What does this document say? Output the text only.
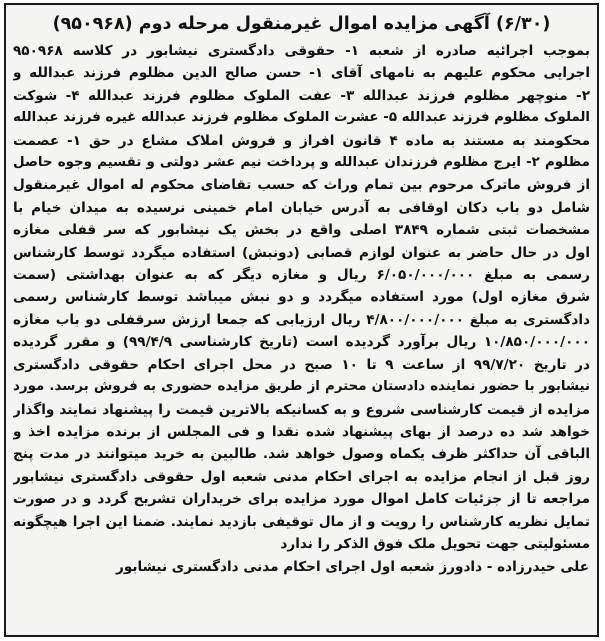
(۶/۳۰) آگهی مزایده اموال غیرمنقول مرحله دوم (۹۵۰۹۶۸)
بموجب اجرائیه صادره از شعبه ۱- حقوقی دادگستری نیشابور در کلاسه ۹۵۰۹۶۸
اجرایی محکوم علیهم به نامهای آقای ۱- حسن صالح الدین مظلوم فرزند عبدالله و
۲- منوچهر مظلوم فرزند عبدالله ۳- عفت الملوک مظلوم فرزند عبدالله ۴- شوکت
الملوک مظلوم فرزند عبدالله ۵- عشرت الملوک مظلوم فرزند عبدالله غیره فرزند عبدالله
محکومند به مستند به ماده ۴ قانون افراز و فروش املاک مشاع در حق ۱- عصمت
مظلوم ۲- ایرج مظلوم فرزندان عبدالله و پرداخت نیم عشر دولتی و تقسیم وجوه حاصل
از فروش ماترک مرحوم بین تمام وراث که حسب تقاضای محکوم له اموال غیرمنقول
شامل دو باب دکان اوقافی به آدرس خیابان امام خمینی نرسیده به میدان خیام با
مشخصات ثبتی شماره ۳۸۴۹ اصلی واقع در بخش یک نیشابور که سر قفلی مغازه
اول در حال حاضر به عنوان لوازم قصابی (دونبش) استفاده میگردد توسط کارشناس
رسمی به مبلغ ۶/۰۵۰/۰۰۰/۰۰۰ ریال و مغازه دیگر که به عنوان بهداشتی (سمت
شرق مغازه اول) مورد استفاده میگردد و دو نبش میباشد توسط کارشناس رسمی
دادگستری به مبلغ ۴/۸۰۰/۰۰۰/۰۰۰ ریال ارزیابی که جمعا ارزش سرقفلی دو باب مغازه
۱۰/۸۵۰/۰۰۰/۰۰۰ ریال برآورد گردیده است (تاریخ کارشناسی ۹۹/۴/۹) و مقرر گردیده
در تاریخ ۹۹/۷/۲۰ از ساعت ۹ تا ۱۰ صبح در محل اجرای احکام حقوقی دادگستری
نیشابور با حضور نماینده دادستان محترم از طریق مزایده حضوری به فروش برسد. مورد
مزایده از قیمت کارشناسی شروع و به کسانیکه بالاترین قیمت را پیشنهاد نمایند واگذار
خواهد شد ده درصد از بهای پیشنهاد شده نقدا و فی المجلس از برنده مزایده اخذ و
الباقی آن حداکثر ظرف یکماه وصول خواهد شد. طالبین به خرید میتوانند در مدت پنج
روز قبل از انجام مزایده به اجرای احکام مدنی شعبه اول حقوقی دادگستری نیشابور
مراجعه تا از جزئیات کامل اموال مورد مزایده برای خریداران تشریح گردد و در صورت
تمایل نظریه کارشناس را رویت و از مال توقیفی بازدید نمایند. ضمنا این اجرا هیچگونه
مسئولیتی جهت تحویل ملک فوق الذکر را ندارد
علی حیدرزاده - دادورز شعبه اول اجرای احکام مدنی دادگستری نیشابور
